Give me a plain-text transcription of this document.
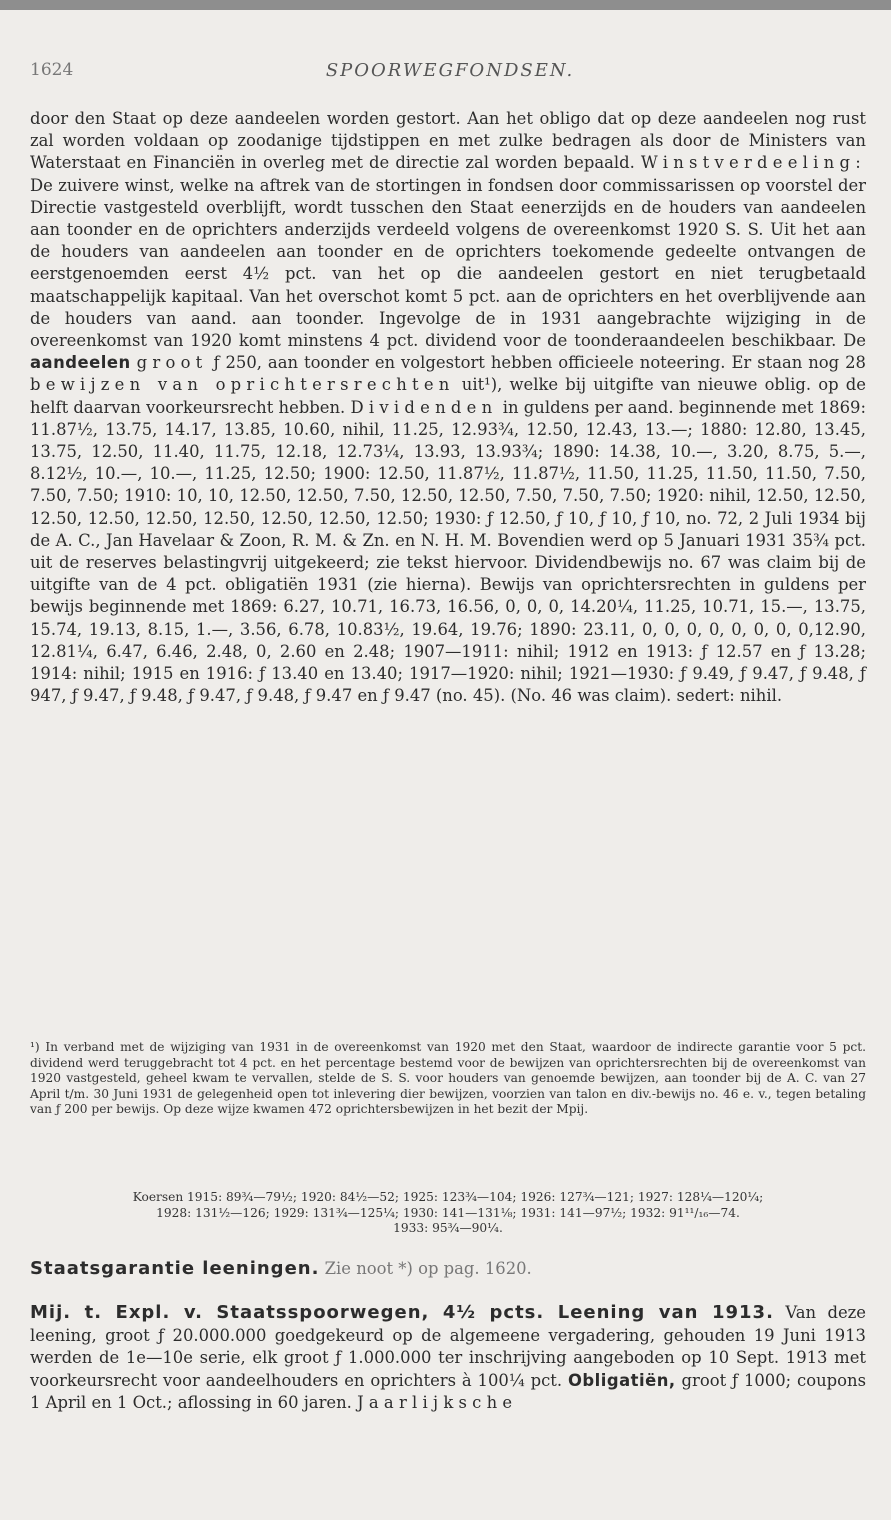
1624	SPOORWEGFONDSEN.

door den Staat op deze aandeelen worden gestort. Aan het obligo dat op deze aandeelen nog rust zal worden voldaan op zoodanige tijdstippen en met zulke bedragen als door de Ministers van Waterstaat en Financiën in overleg met de directie zal worden bepaald. Winstverdeeling: De zuivere winst, welke na aftrek van de stortingen in fondsen door commissarissen op voorstel der Directie vastgesteld overblijft, wordt tusschen den Staat eenerzijds en de houders van aandeelen aan toonder en de oprichters anderzijds verdeeld volgens de overeenkomst 1920 S. S. Uit het aan de houders van aandeelen aan toonder en de oprichters toekomende gedeelte ontvangen de eerstgenoemden eerst 4½ pct. van het op die aandeelen gestort en niet terugbetaald maatschappelijk kapitaal. Van het overschot komt 5 pct. aan de oprichters en het overblijvende aan de houders van aand. aan toonder. Ingevolge de in 1931 aangebrachte wijziging in de overeenkomst van 1920 komt minstens 4 pct. dividend voor de toonderaandeelen beschikbaar. De aandeelen groot ƒ 250, aan toonder en volgestort hebben officieele noteering. Er staan nog 28 bewijzen van oprichtersrechten uit¹), welke bij uitgifte van nieuwe oblig. op de helft daarvan voorkeursrecht hebben. Dividenden in guldens per aand. beginnende met 1869: 11.87½, 13.75, 14.17, 13.85, 10.60, nihil, 11.25, 12.93¾, 12.50, 12.43, 13.—; 1880: 12.80, 13.45, 13.75, 12.50, 11.40, 11.75, 12.18, 12.73¼, 13.93, 13.93¾; 1890: 14.38, 10.—, 3.20, 8.75, 5.—, 8.12½, 10.—, 10.—, 11.25, 12.50; 1900: 12.50, 11.87½, 11.87½, 11.50, 11.25, 11.50, 11.50, 7.50, 7.50, 7.50; 1910: 10, 10, 12.50, 12.50, 7.50, 12.50, 12.50, 7.50, 7.50, 7.50; 1920: nihil, 12.50, 12.50, 12.50, 12.50, 12.50, 12.50, 12.50, 12.50, 12.50; 1930: ƒ 12.50, ƒ 10, ƒ 10, ƒ 10, no. 72, 2 Juli 1934 bij de A. C., Jan Havelaar & Zoon, R. M. & Zn. en N. H. M. Bovendien werd op 5 Januari 1931 35¾ pct. uit de reserves belastingvrij uitgekeerd; zie tekst hiervoor. Dividendbewijs no. 67 was claim bij de uitgifte van de 4 pct. obligatiën 1931 (zie hierna). Bewijs van oprichtersrechten in guldens per bewijs beginnende met 1869: 6.27, 10.71, 16.73, 16.56, 0, 0, 0, 14.20¼, 11.25, 10.71, 15.—, 13.75, 15.74, 19.13, 8.15, 1.—, 3.56, 6.78, 10.83½, 19.64, 19.76; 1890: 23.11, 0, 0, 0, 0, 0, 0, 0, 0,12.90, 12.81¼, 6.47, 6.46, 2.48, 0, 2.60 en 2.48; 1907—1911: nihil; 1912 en 1913: ƒ 12.57 en ƒ 13.28; 1914: nihil; 1915 en 1916: ƒ 13.40 en 13.40; 1917—1920: nihil; 1921—1930: ƒ 9.49, ƒ 9.47, ƒ 9.48, ƒ 947, ƒ 9.47, ƒ 9.48, ƒ 9.47, ƒ 9.48, ƒ 9.47 en ƒ 9.47 (no. 45). (No. 46 was claim). sedert: nihil.

¹) In verband met de wijziging van 1931 in de overeenkomst van 1920 met den Staat, waardoor de indirecte garantie voor 5 pct. dividend werd teruggebracht tot 4 pct. en het percentage bestemd voor de bewijzen van oprichtersrechten bij de overeenkomst van 1920 vastgesteld, geheel kwam te vervallen, stelde de S. S. voor houders van genoemde bewijzen, aan toonder bij de A. C. van 27 April t/m. 30 Juni 1931 de gelegenheid open tot inlevering dier bewijzen, voorzien van talon en div.-bewijs no. 46 e. v., tegen betaling van ƒ 200 per bewijs. Op deze wijze kwamen 472 oprichtersbewijzen in het bezit der Mpij.
Koersen 1915: 89¾—79½; 1920: 84½—52; 1925: 123¾—104; 1926: 127¾—121; 1927: 128¼—120¼;
1928: 131½—126; 1929: 131¾—125¼; 1930: 141—131⅛; 1931: 141—97½; 1932: 91¹¹/₁₆—74.
1933: 95¾—90¼.
Staatsgarantie leeningen. Zie noot *) op pag. 1620.

Mij. t. Expl. v. Staatsspoorwegen, 4½ pcts. Leening van 1913. Van deze leening, groot ƒ 20.000.000 goedgekeurd op de algemeene vergadering, gehouden 19 Juni 1913 werden de 1e—10e serie, elk groot ƒ 1.000.000 ter inschrijving aangeboden op 10 Sept. 1913 met voorkeursrecht voor aandeelhouders en oprichters à 100¼ pct. Obligatiën, groot ƒ 1000; coupons 1 April en 1 Oct.; aflossing in 60 jaren. Jaarlijksche
